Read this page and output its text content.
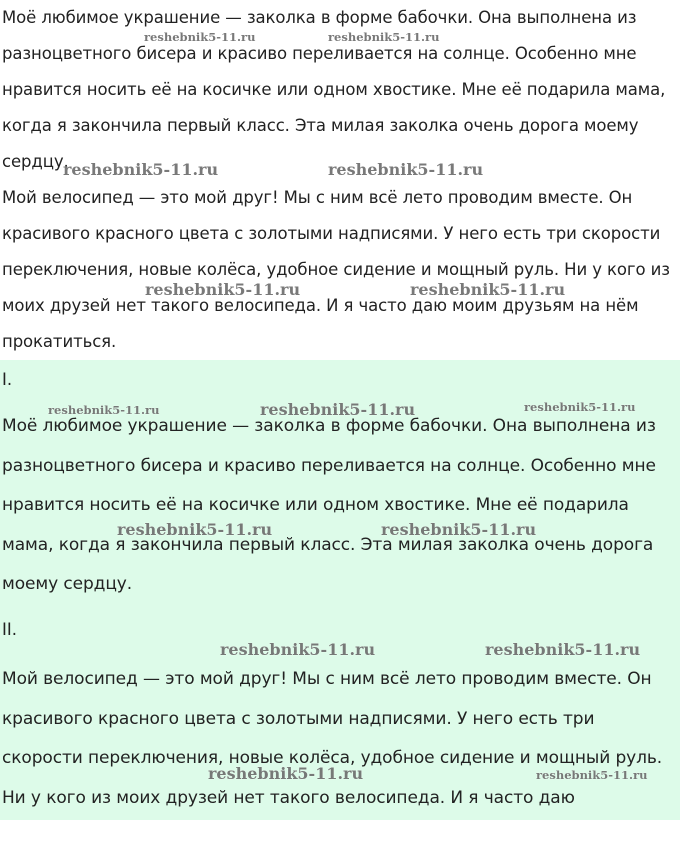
Моё любимое украшение — заколка в форме бабочки. Она выполнена из разноцветного бисера и красиво переливается на солнце. Особенно мне нравится носить её на косичке или одном хвостике. Мне её подарила мама, когда я закончила первый класс. Эта милая заколка очень дорога моему сердцу.

Мой велосипед — это мой друг! Мы с ним всё лето проводим вместе. Он красивого красного цвета с золотыми надписями. У него есть три скорости переключения, новые колёса, удобное сидение и мощный руль. Ни у кого из моих друзей нет такого велосипеда. И я часто даю моим друзьям на нём прокатиться.

I.

Моё любимое украшение — заколка в форме бабочки. Она выполнена из разноцветного бисера и красиво переливается на солнце. Особенно мне нравится носить её на косичке или одном хвостике. Мне её подарила мама, когда я закончила первый класс. Эта милая заколка очень дорога моему сердцу.

II.

Мой велосипед — это мой друг! Мы с ним всё лето проводим вместе. Он красивого красного цвета с золотыми надписями. У него есть три скорости переключения, новые колёса, удобное сидение и мощный руль. Ни у кого из моих друзей нет такого велосипеда. И я часто даю

reshebnik5-11.ru	reshebnik5-11.ru
reshebnik5-11.ru	reshebnik5-11.ru
reshebnik5-11.ru	reshebnik5-11.ru
reshebnik5-11.ru	reshebnik5-11.ru	reshebnik5-11.ru
reshebnik5-11.ru	reshebnik5-11.ru
reshebnik5-11.ru	reshebnik5-11.ru
reshebnik5-11.ru	reshebnik5-11.ru
